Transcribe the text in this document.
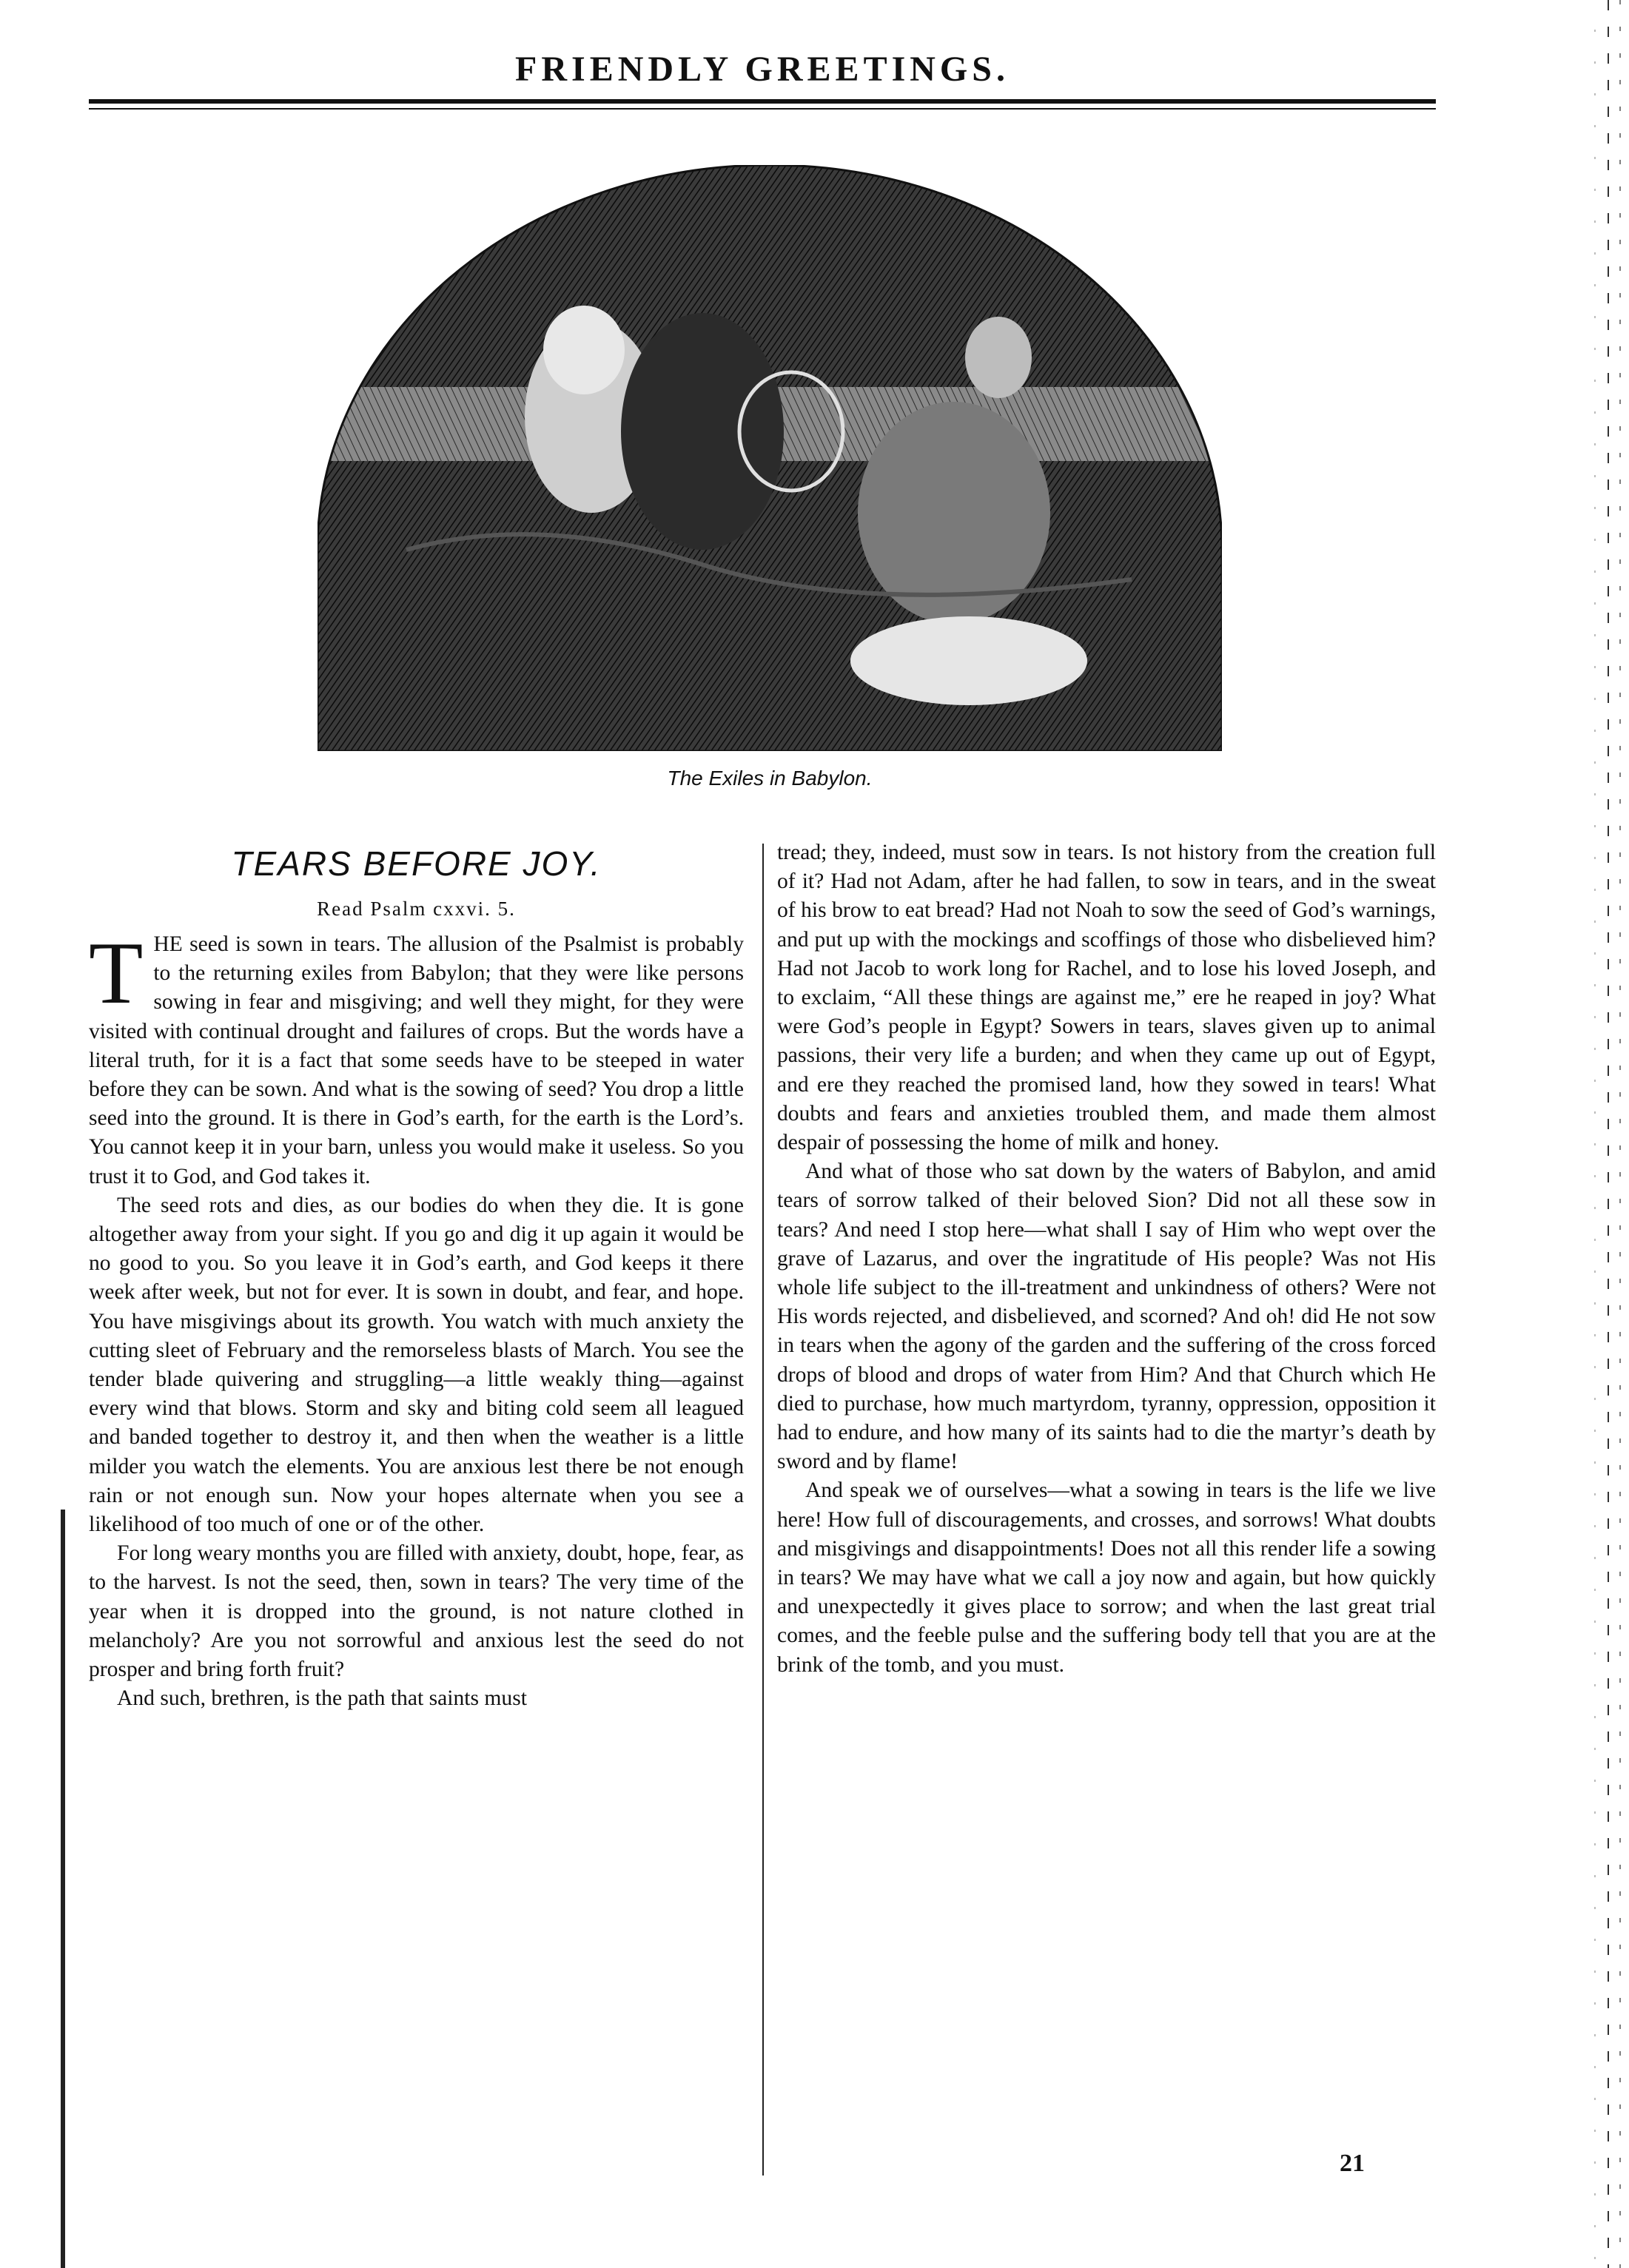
FRIENDLY GREETINGS.
The Exiles in Babylon.
TEARS BEFORE JOY.
Read Psalm cxxvi. 5.

THE seed is sown in tears. The allusion of the Psalmist is probably to the returning exiles from Babylon; that they were like persons sowing in fear and misgiving; and well they might, for they were visited with continual drought and failures of crops. But the words have a literal truth, for it is a fact that some seeds have to be steeped in water before they can be sown. And what is the sowing of seed? You drop a little seed into the ground. It is there in God’s earth, for the earth is the Lord’s. You cannot keep it in your barn, unless you would make it useless. So you trust it to God, and God takes it.

The seed rots and dies, as our bodies do when they die. It is gone altogether away from your sight. If you go and dig it up again it would be no good to you. So you leave it in God’s earth, and God keeps it there week after week, but not for ever. It is sown in doubt, and fear, and hope. You have misgivings about its growth. You watch with much anxiety the cutting sleet of February and the remorseless blasts of March. You see the tender blade quivering and struggling—a little weakly thing—against every wind that blows. Storm and sky and biting cold seem all leagued and banded together to destroy it, and then when the weather is a little milder you watch the elements. You are anxious lest there be not enough rain or not enough sun. Now your hopes alternate when you see a likelihood of too much of one or of the other.

For long weary months you are filled with anxiety, doubt, hope, fear, as to the harvest. Is not the seed, then, sown in tears? The very time of the year when it is dropped into the ground, is not nature clothed in melancholy? Are you not sorrowful and anxious lest the seed do not prosper and bring forth fruit?

And such, brethren, is the path that saints must

tread; they, indeed, must sow in tears. Is not history from the creation full of it? Had not Adam, after he had fallen, to sow in tears, and in the sweat of his brow to eat bread? Had not Noah to sow the seed of God’s warnings, and put up with the mockings and scoffings of those who disbelieved him? Had not Jacob to work long for Rachel, and to lose his loved Joseph, and to exclaim, “All these things are against me,” ere he reaped in joy? What were God’s people in Egypt? Sowers in tears, slaves given up to animal passions, their very life a burden; and when they came up out of Egypt, and ere they reached the promised land, how they sowed in tears! What doubts and fears and anxieties troubled them, and made them almost despair of possessing the home of milk and honey.

And what of those who sat down by the waters of Babylon, and amid tears of sorrow talked of their beloved Sion? Did not all these sow in tears? And need I stop here—what shall I say of Him who wept over the grave of Lazarus, and over the ingratitude of His people? Was not His whole life subject to the ill-treatment and unkindness of others? Were not His words rejected, and disbelieved, and scorned? And oh! did He not sow in tears when the agony of the garden and the suffering of the cross forced drops of blood and drops of water from Him? And that Church which He died to purchase, how much martyrdom, tyranny, oppression, opposition it had to endure, and how many of its saints had to die the martyr’s death by sword and by flame!

And speak we of ourselves—what a sowing in tears is the life we live here! How full of discouragements, and crosses, and sorrows! What doubts and misgivings and disappointments! Does not all this render life a sowing in tears? We may have what we call a joy now and again, but how quickly and unexpectedly it gives place to sorrow; and when the last great trial comes, and the feeble pulse and the suffering body tell that you are at the brink of the tomb, and you must.

21
